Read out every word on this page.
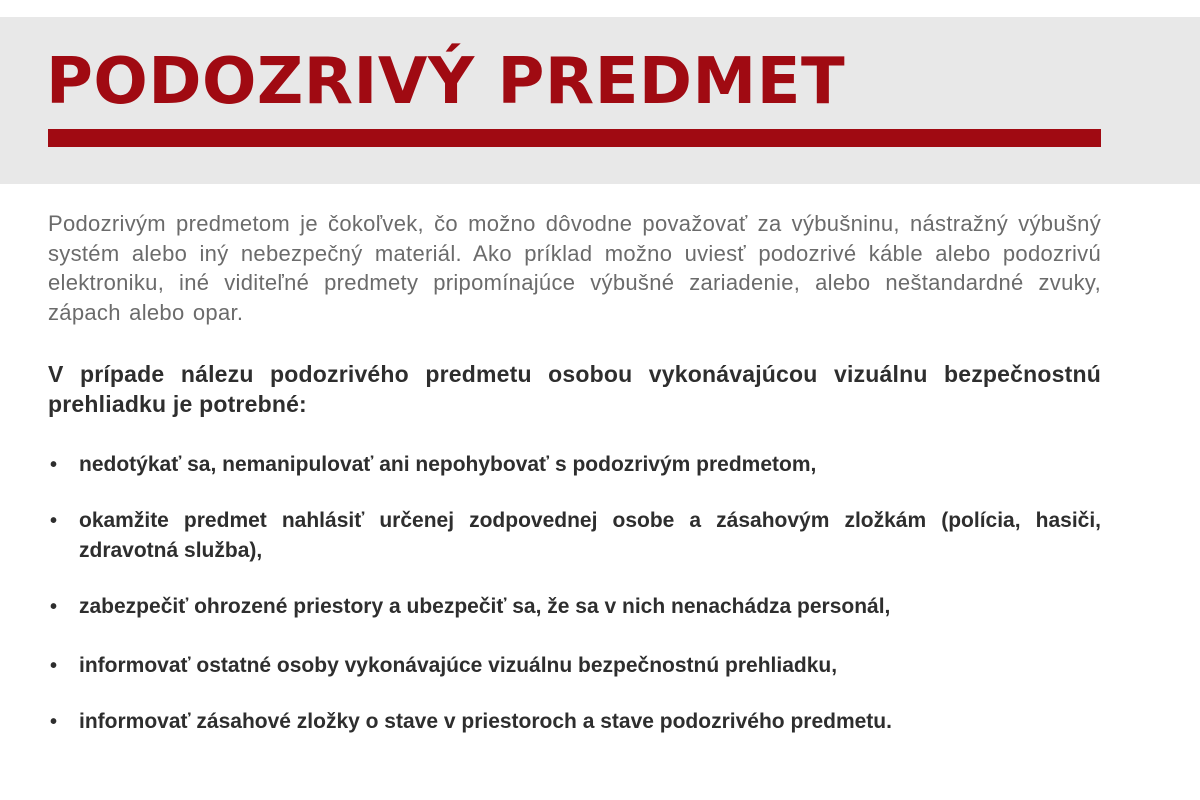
PODOZRIVÝ PREDMET

Podozrivým predmetom je čokoľvek, čo možno dôvodne považovať za výbušninu, nástražný výbušný systém alebo iný nebezpečný materiál. Ako príklad možno uviesť podozrivé káble alebo podozrivú elektroniku, iné viditeľné predmety pripomínajúce výbušné zariadenie, alebo neštandardné zvuky, zápach alebo opar.

V prípade nálezu podozrivého predmetu osobou vykonávajúcou vizuálnu bezpečnostnú prehliadku je potrebné:

• nedotýkať sa, nemanipulovať ani nepohybovať s podozrivým predmetom,
• okamžite predmet nahlásiť určenej zodpovednej osobe a zásahovým zložkám (polícia, hasiči, zdravotná služba),
• zabezpečiť ohrozené priestory a ubezpečiť sa, že sa v nich nenachádza personál,
• informovať ostatné osoby vykonávajúce vizuálnu bezpečnostnú prehliadku,
• informovať zásahové zložky o stave v priestoroch a stave podozrivého predmetu.
